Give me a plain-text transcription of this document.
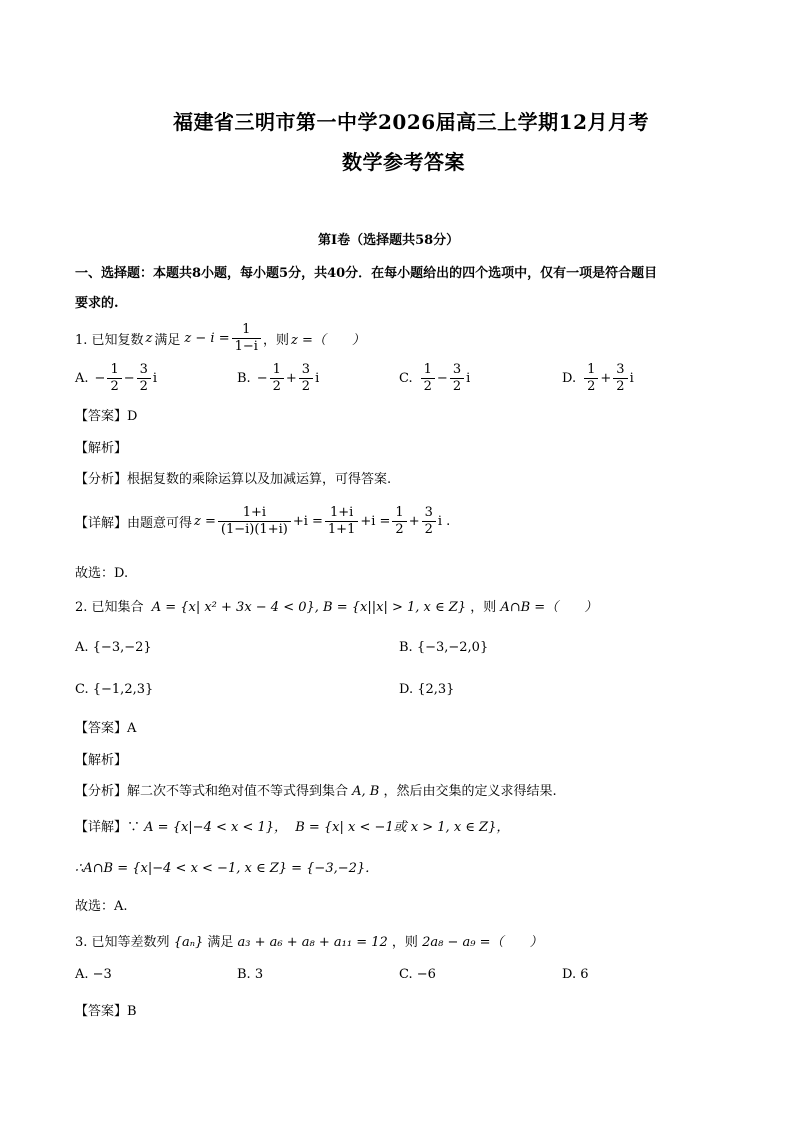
福建省三明市第一中学2026届高三上学期12月月考
数学参考答案
第Ⅰ卷（选择题共58分）
一、选择题：本题共8小题，每小题5分，共40分．在每小题给出的四个选项中，仅有一项是符合题目
要求的.
1. 已知复数 z 满足 $z - i = \frac{1}{1-i}$ ，则 z =（　　）
A. − $\frac{1}{2} - \frac{3}{2}$ i	B. − $\frac{1}{2} + \frac{3}{2}$ i	C. $\frac{1}{2} - \frac{3}{2}$ i	D. $\frac{1}{2} + \frac{3}{2}$ i
【答案】D
【解析】
【分析】根据复数的乘除运算以及加减运算，可得答案.
【详解】由题意可得 $z = \frac{1+i}{(1-i)(1+i)} +i = \frac{1+i}{1+1} +i = \frac{1}{2} + \frac{3}{2}$ i .
故选：D.
2. 已知集合 A = {x| x² + 3x − 4 < 0}, B = {x||x| > 1, x ∈ Z} ，则 A∩B =（　　）
A. {−3,−2}	B. {−3,−2,0}
C. {−1,2,3}	D. {2,3}
【答案】A
【解析】
【分析】解二次不等式和绝对值不等式得到集合 A, B ，然后由交集的定义求得结果.
【详解】∵ A = {x|−4 < x < 1}， B = {x| x < −1或 x > 1, x ∈ Z}，
∴A∩B = {x|−4 < x < −1, x ∈ Z} = {−3,−2}．
故选：A.
3. 已知等差数列 {aₙ} 满足 a₃ + a₆ + a₈ + a₁₁ = 12 ，则 2a₈ − a₉ =（　　）
A. −3	B. 3	C. −6	D. 6
【答案】B
